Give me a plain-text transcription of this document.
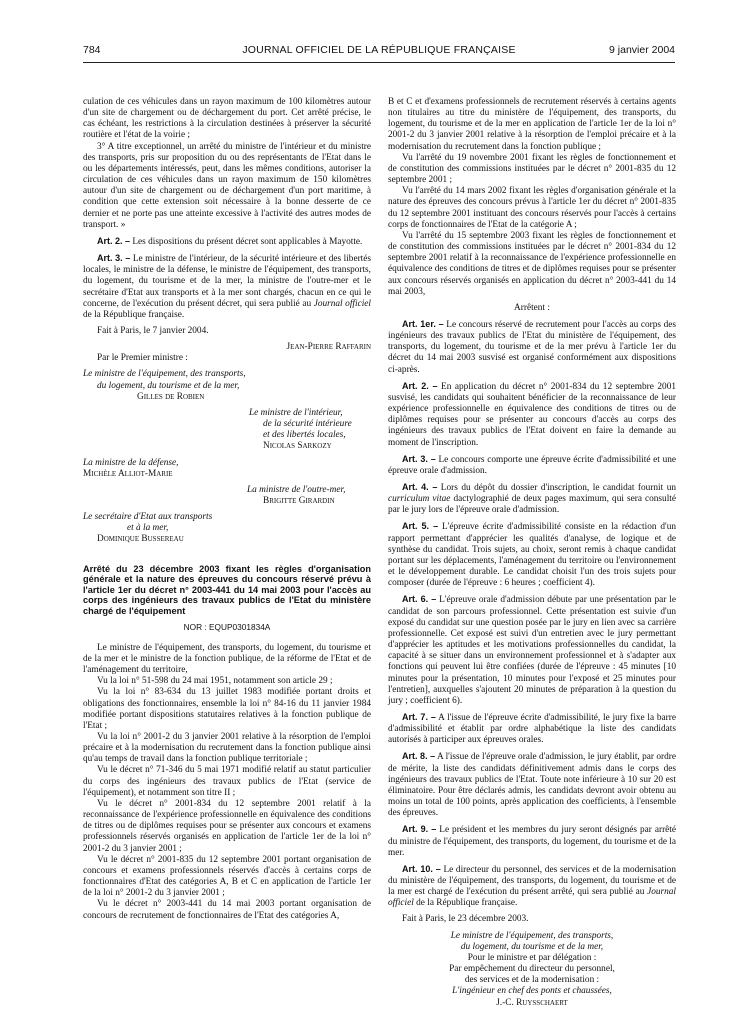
784	JOURNAL OFFICIEL DE LA RÉPUBLIQUE FRANÇAISE	9 janvier 2004

culation de ces véhicules dans un rayon maximum de 100 kilomètres autour d'un site de chargement ou de déchargement du port. Cet arrêté précise, le cas échéant, les restrictions à la circulation destinées à préserver la sécurité routière et l'état de la voirie ;

3° A titre exceptionnel, un arrêté du ministre de l'intérieur et du ministre des transports, pris sur proposition du ou des représentants de l'Etat dans le ou les départements intéressés, peut, dans les mêmes conditions, autoriser la circulation de ces véhicules dans un rayon maximum de 150 kilomètres autour d'un site de chargement ou de déchargement d'un port maritime, à condition que cette extension soit nécessaire à la bonne desserte de ce dernier et ne porte pas une atteinte excessive à l'activité des autres modes de transport. »

Art. 2. – Les dispositions du présent décret sont applicables à Mayotte.

Art. 3. – Le ministre de l'intérieur, de la sécurité intérieure et des libertés locales, le ministre de la défense, le ministre de l'équipement, des transports, du logement, du tourisme et de la mer, la ministre de l'outre-mer et le secrétaire d'Etat aux transports et à la mer sont chargés, chacun en ce qui le concerne, de l'exécution du présent décret, qui sera publié au Journal officiel de la République française.

Fait à Paris, le 7 janvier 2004.

Jean-Pierre Raffarin

Par le Premier ministre :

Le ministre de l'équipement, des transports,

du logement, du tourisme et de la mer,

Gilles de Robien

Le ministre de l'intérieur,

de la sécurité intérieure

et des libertés locales,

Nicolas Sarkozy

La ministre de la défense,

Michèle Alliot-Marie

La ministre de l'outre-mer,

Brigitte Girardin

Le secrétaire d'Etat aux transports

et à la mer,

Dominique Bussereau

Arrêté du 23 décembre 2003 fixant les règles d'organisation générale et la nature des épreuves du concours réservé prévu à l'article 1er du décret n° 2003-441 du 14 mai 2003 pour l'accès au corps des ingénieurs des travaux publics de l'Etat du ministère chargé de l'équipement

NOR : EQUP0301834A

Le ministre de l'équipement, des transports, du logement, du tourisme et de la mer et le ministre de la fonction publique, de la réforme de l'Etat et de l'aménagement du territoire,

Vu la loi n° 51-598 du 24 mai 1951, notamment son article 29 ;

Vu la loi n° 83-634 du 13 juillet 1983 modifiée portant droits et obligations des fonctionnaires, ensemble la loi n° 84-16 du 11 janvier 1984 modifiée portant dispositions statutaires relatives à la fonction publique de l'Etat ;

Vu la loi n° 2001-2 du 3 janvier 2001 relative à la résorption de l'emploi précaire et à la modernisation du recrutement dans la fonction publique ainsi qu'au temps de travail dans la fonction publique territoriale ;

Vu le décret n° 71-346 du 5 mai 1971 modifié relatif au statut particulier du corps des ingénieurs des travaux publics de l'Etat (service de l'équipement), et notamment son titre II ;

Vu le décret n° 2001-834 du 12 septembre 2001 relatif à la reconnaissance de l'expérience professionnelle en équivalence des conditions de titres ou de diplômes requises pour se présenter aux concours et examens professionnels réservés organisés en application de l'article 1er de la loi n° 2001-2 du 3 janvier 2001 ;

Vu le décret n° 2001-835 du 12 septembre 2001 portant organisation de concours et examens professionnels réservés d'accès à certains corps de fonctionnaires d'Etat des catégories A, B et C en application de l'article 1er de la loi n° 2001-2 du 3 janvier 2001 ;

Vu le décret n° 2003-441 du 14 mai 2003 portant organisation de concours de recrutement de fonctionnaires de l'Etat des catégories A,

B et C et d'examens professionnels de recrutement réservés à certains agents non titulaires au titre du ministère de l'équipement, des transports, du logement, du tourisme et de la mer en application de l'article 1er de la loi n° 2001-2 du 3 janvier 2001 relative à la résorption de l'emploi précaire et à la modernisation du recrutement dans la fonction publique ;

Vu l'arrêté du 19 novembre 2001 fixant les règles de fonctionnement et de constitution des commissions instituées par le décret n° 2001-835 du 12 septembre 2001 ;

Vu l'arrêté du 14 mars 2002 fixant les règles d'organisation générale et la nature des épreuves des concours prévus à l'article 1er du décret n° 2001-835 du 12 septembre 2001 instituant des concours réservés pour l'accès à certains corps de fonctionnaires de l'Etat de la catégorie A ;

Vu l'arrêté du 15 septembre 2003 fixant les règles de fonctionnement et de constitution des commissions instituées par le décret n° 2001-834 du 12 septembre 2001 relatif à la reconnaissance de l'expérience professionnelle en équivalence des conditions de titres et de diplômes requises pour se présenter aux concours réservés organisés en application du décret n° 2003-441 du 14 mai 2003,

Arrêtent :

Art. 1er. – Le concours réservé de recrutement pour l'accès au corps des ingénieurs des travaux publics de l'Etat du ministère de l'équipement, des transports, du logement, du tourisme et de la mer prévu à l'article 1er du décret du 14 mai 2003 susvisé est organisé conformément aux dispositions ci-après.

Art. 2. – En application du décret n° 2001-834 du 12 septembre 2001 susvisé, les candidats qui souhaitent bénéficier de la reconnaissance de leur expérience professionnelle en équivalence des conditions de titres ou de diplômes requises pour se présenter au concours d'accès au corps des ingénieurs des travaux publics de l'Etat doivent en faire la demande au moment de l'inscription.

Art. 3. – Le concours comporte une épreuve écrite d'admissibilité et une épreuve orale d'admission.

Art. 4. – Lors du dépôt du dossier d'inscription, le candidat fournit un curriculum vitae dactylographié de deux pages maximum, qui sera consulté par le jury lors de l'épreuve orale d'admission.

Art. 5. – L'épreuve écrite d'admissibilité consiste en la rédaction d'un rapport permettant d'apprécier les qualités d'analyse, de logique et de synthèse du candidat. Trois sujets, au choix, seront remis à chaque candidat portant sur les déplacements, l'aménagement du territoire ou l'environnement et le développement durable. Le candidat choisit l'un des trois sujets pour composer (durée de l'épreuve : 6 heures ; coefficient 4).

Art. 6. – L'épreuve orale d'admission débute par une présentation par le candidat de son parcours professionnel. Cette présentation est suivie d'un exposé du candidat sur une question posée par le jury en lien avec sa carrière professionnelle. Cet exposé est suivi d'un entretien avec le jury permettant d'apprécier les aptitudes et les motivations professionnelles du candidat, la capacité à se situer dans un environnement professionnel et à s'adapter aux fonctions qui peuvent lui être confiées (durée de l'épreuve : 45 minutes [10 minutes pour la présentation, 10 minutes pour l'exposé et 25 minutes pour l'entretien], auxquelles s'ajoutent 20 minutes de préparation à la question du jury ; coefficient 6).

Art. 7. – A l'issue de l'épreuve écrite d'admissibilité, le jury fixe la barre d'admissibilité et établit par ordre alphabétique la liste des candidats autorisés à participer aux épreuves orales.

Art. 8. – A l'issue de l'épreuve orale d'admission, le jury établit, par ordre de mérite, la liste des candidats définitivement admis dans le corps des ingénieurs des travaux publics de l'Etat. Toute note inférieure à 10 sur 20 est éliminatoire. Pour être déclarés admis, les candidats devront avoir obtenu au moins un total de 100 points, après application des coefficients, à l'ensemble des épreuves.

Art. 9. – Le président et les membres du jury seront désignés par arrêté du ministre de l'équipement, des transports, du logement, du tourisme et de la mer.

Art. 10. – Le directeur du personnel, des services et de la modernisation du ministère de l'équipement, des transports, du logement, du tourisme et de la mer est chargé de l'exécution du présent arrêté, qui sera publié au Journal officiel de la République française.

Fait à Paris, le 23 décembre 2003.

Le ministre de l'équipement, des transports,

du logement, du tourisme et de la mer,

Pour le ministre et par délégation :

Par empêchement du directeur du personnel,

des services et de la modernisation :

L'ingénieur en chef des ponts et chaussées,

J.-C. Ruysschaert
